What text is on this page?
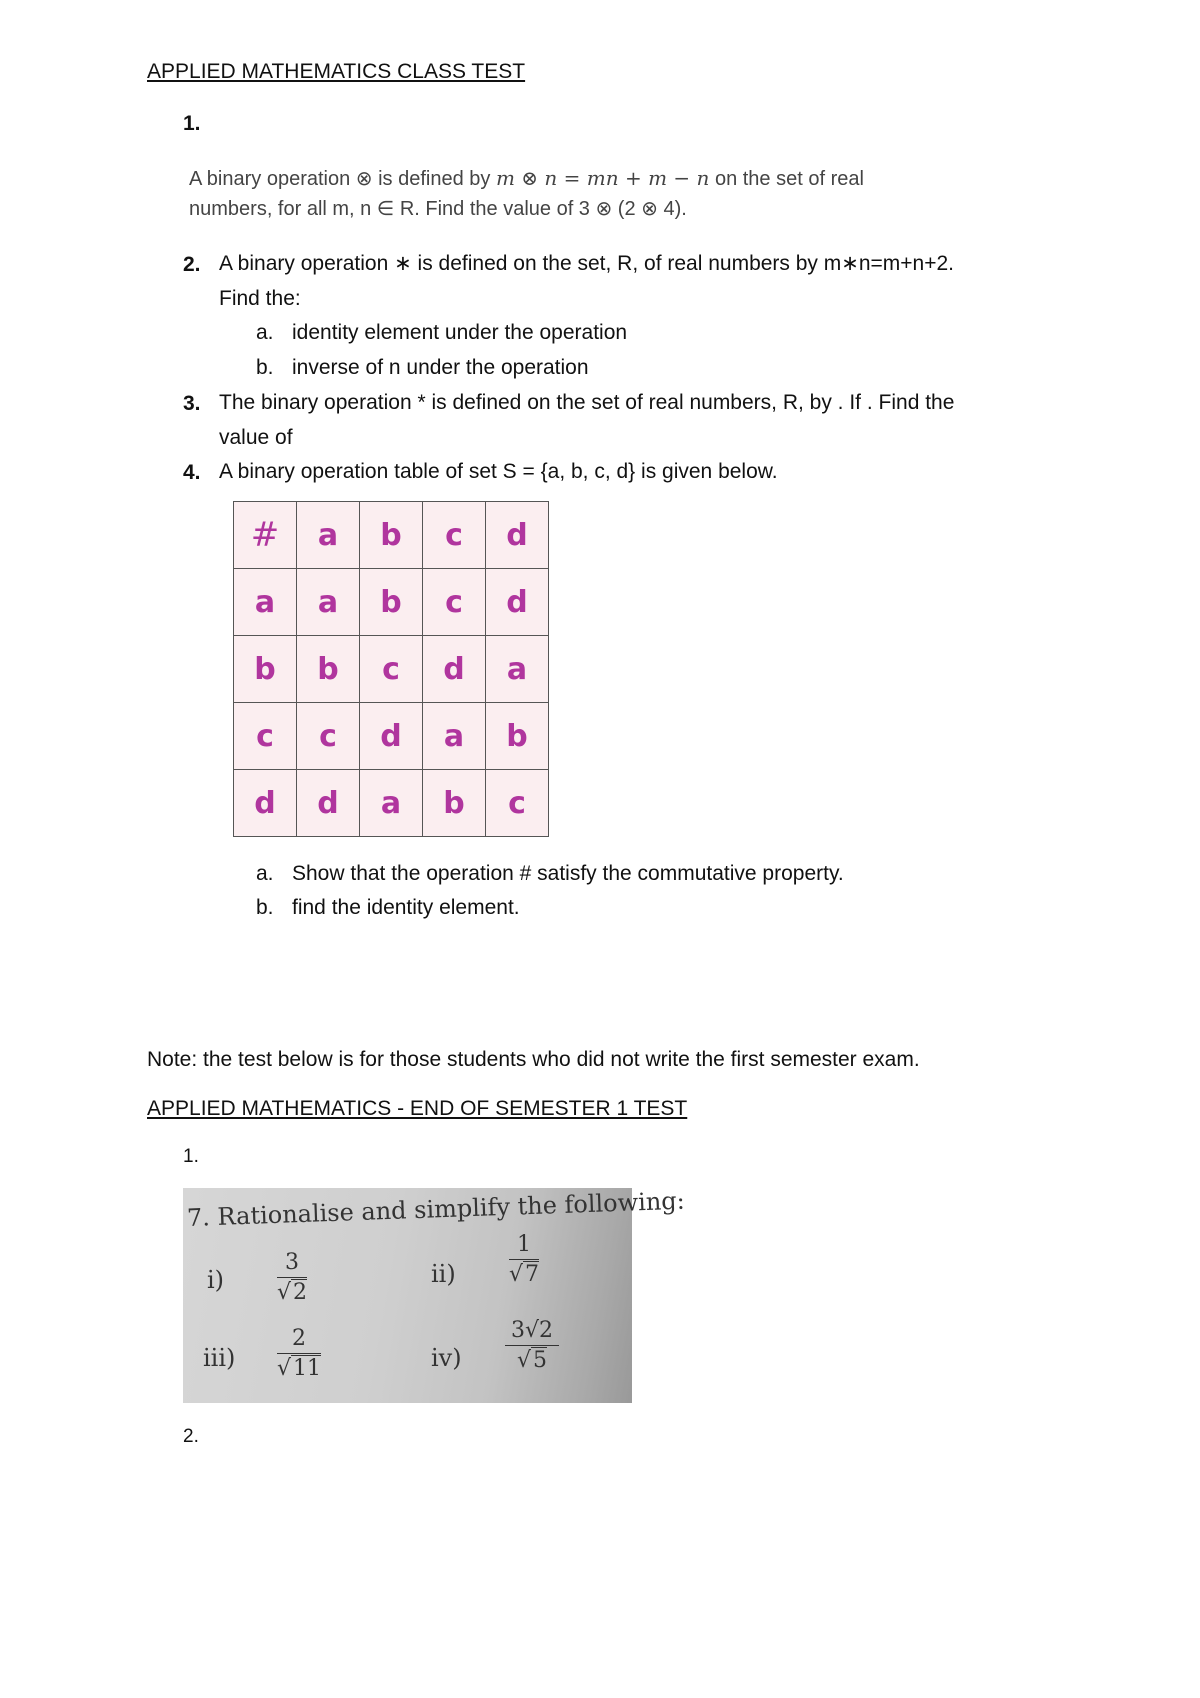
APPLIED MATHEMATICS CLASS TEST
1.
A binary operation ⊗ is defined by m ⊗ n = mn + m − n on the set of real
numbers, for all m, n ∈ R. Find the value of 3 ⊗ (2 ⊗ 4).
2. A binary operation ∗ is defined on the set, R, of real numbers by m∗n=m+n+2.
Find the:
a. identity element under the operation
b. inverse of n under the operation
3. The binary operation * is defined on the set of real numbers, R, by . If . Find the
value of
4. A binary operation table of set S = {a, b, c, d} is given below.
#	a	b	c	d
a	a	b	c	d
b	b	c	d	a
c	c	d	a	b
d	d	a	b	c
a. Show that the operation # satisfy the commutative property.
b. find the identity element.
Note: the test below is for those students who did not write the first semester exam.
APPLIED MATHEMATICS - END OF SEMESTER 1 TEST
1.
7. Rationalise and simplify the following:
$i) \frac{3}{√2}$	$ii) \frac{1}{√7}$
$iii) \frac{2}{√11}$	$iv) \frac{3√2}{√5}$
2.
